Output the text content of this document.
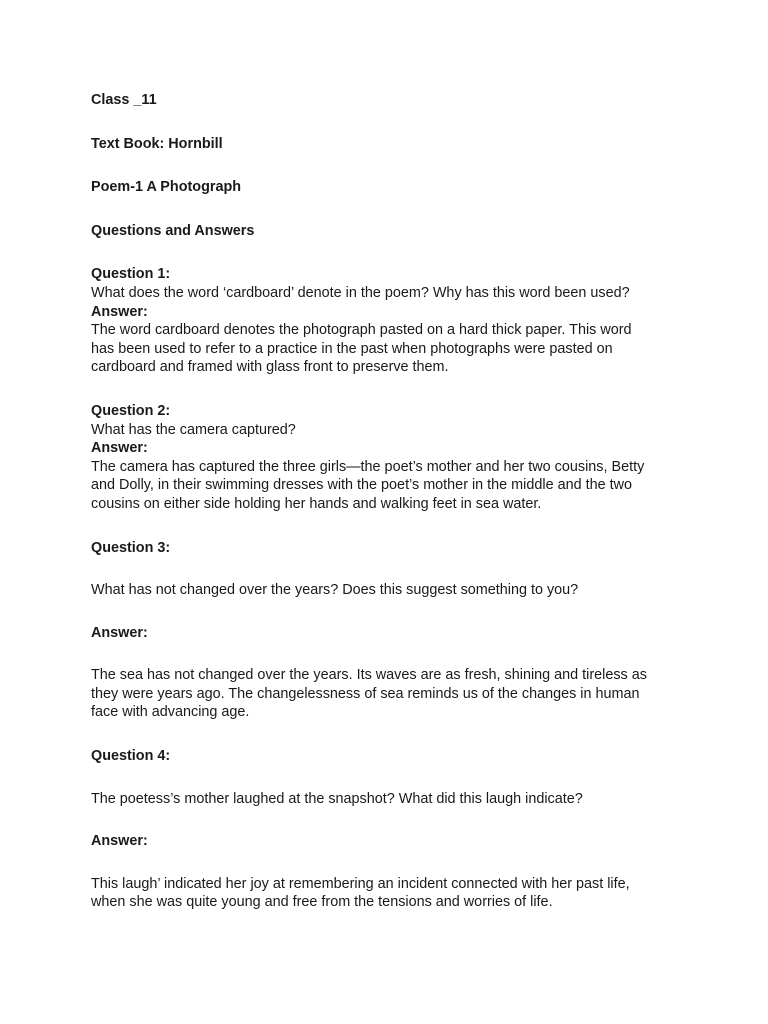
Class _11
Text Book: Hornbill
Poem-1 A Photograph
Questions and Answers
Question 1:
What does the word ‘cardboard’ denote in the poem? Why has this word been used?
Answer:
The word cardboard denotes the photograph pasted on a hard thick paper. This word
has been used to refer to a practice in the past when photographs were pasted on
cardboard and framed with glass front to preserve them.
Question 2:
What has the camera captured?
Answer:
The camera has captured the three girls—the poet’s mother and her two cousins, Betty
and Dolly, in their swimming dresses with the poet’s mother in the middle and the two
cousins on either side holding her hands and walking feet in sea water.
Question 3:
What has not changed over the years? Does this suggest something to you?
Answer:
The sea has not changed over the years. Its waves are as fresh, shining and tireless as
they were years ago. The changelessness of sea reminds us of the changes in human
face with advancing age.
Question 4:
The poetess’s mother laughed at the snapshot? What did this laugh indicate?
Answer:
This laugh’ indicated her joy at remembering an incident connected with her past life,
when she was quite young and free from the tensions and worries of life.
